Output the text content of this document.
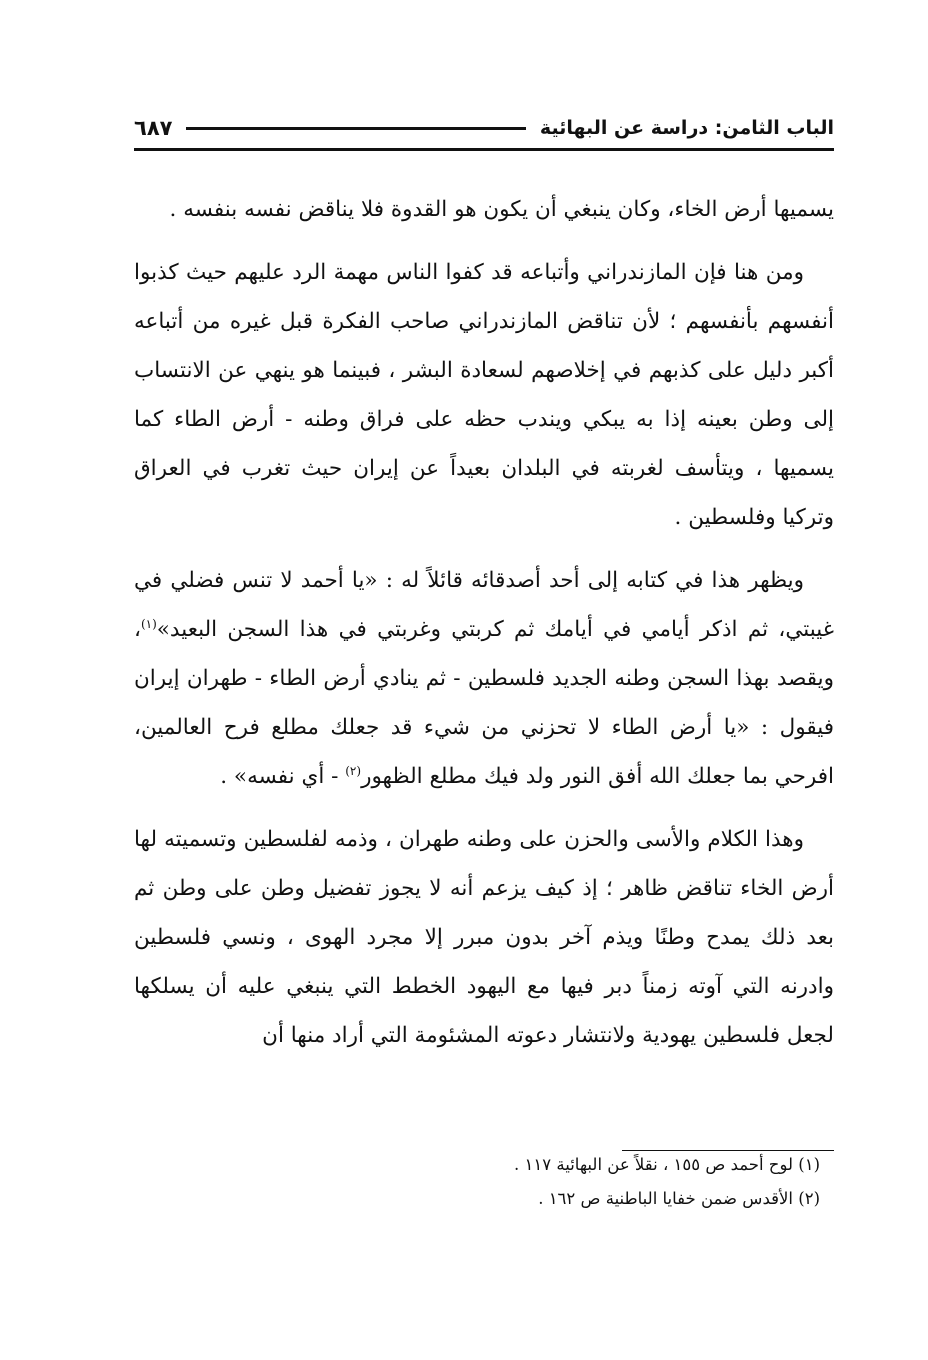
الباب الثامن: دراسة عن البهائية
٦٨٧

يسميها أرض الخاء، وكان ينبغي أن يكون هو القدوة فلا يناقض نفسه بنفسه .

ومن هنا فإن المازندراني وأتباعه قد كفوا الناس مهمة الرد عليهم حيث كذبوا أنفسهم بأنفسهم ؛ لأن تناقض المازندراني صاحب الفكرة قبل غيره من أتباعه أكبر دليل على كذبهم في إخلاصهم لسعادة البشر ، فبينما هو ينهي عن الانتساب إلى وطن بعينه إذا به يبكي ويندب حظه على فراق وطنه - أرض الطاء كما يسميها ، ويتأسف لغربته في البلدان بعيداً عن إيران حيث تغرب في العراق وتركيا وفلسطين .

ويظهر هذا في كتابه إلى أحد أصدقائه قائلاً له : «يا أحمد لا تنس فضلي في غيبتي، ثم اذكر أيامي في أيامك ثم كربتي وغربتي في هذا السجن البعيد»$^{(١)}$، ويقصد بهذا السجن وطنه الجديد فلسطين - ثم ينادي أرض الطاء - طهران إيران فيقول : «يا أرض الطاء لا تحزني من شيء قد جعلك مطلع فرح العالمين، افرحي بما جعلك الله أفق النور ولد فيك مطلع الظهور$^{(٢)}$ - أي نفسه» .

وهذا الكلام والأسى والحزن على وطنه طهران ، وذمه لفلسطين وتسميته لها أرض الخاء تناقض ظاهر ؛ إذ كيف يزعم أنه لا يجوز تفضيل وطن على وطن ثم بعد ذلك يمدح وطنًا ويذم آخر بدون مبرر إلا مجرد الهوى ، ونسي فلسطين وادرنه التي آوته زمناً دبر فيها مع اليهود الخطط التي ينبغي عليه أن يسلكها لجعل فلسطين يهودية ولانتشار دعوته المشئومة التي أراد منها أن

(١) لوح أحمد ص ١٥٥ ، نقلاً عن البهائية ١١٧ .

(٢) الأقدس ضمن خفايا الباطنية ص ١٦٢ .
